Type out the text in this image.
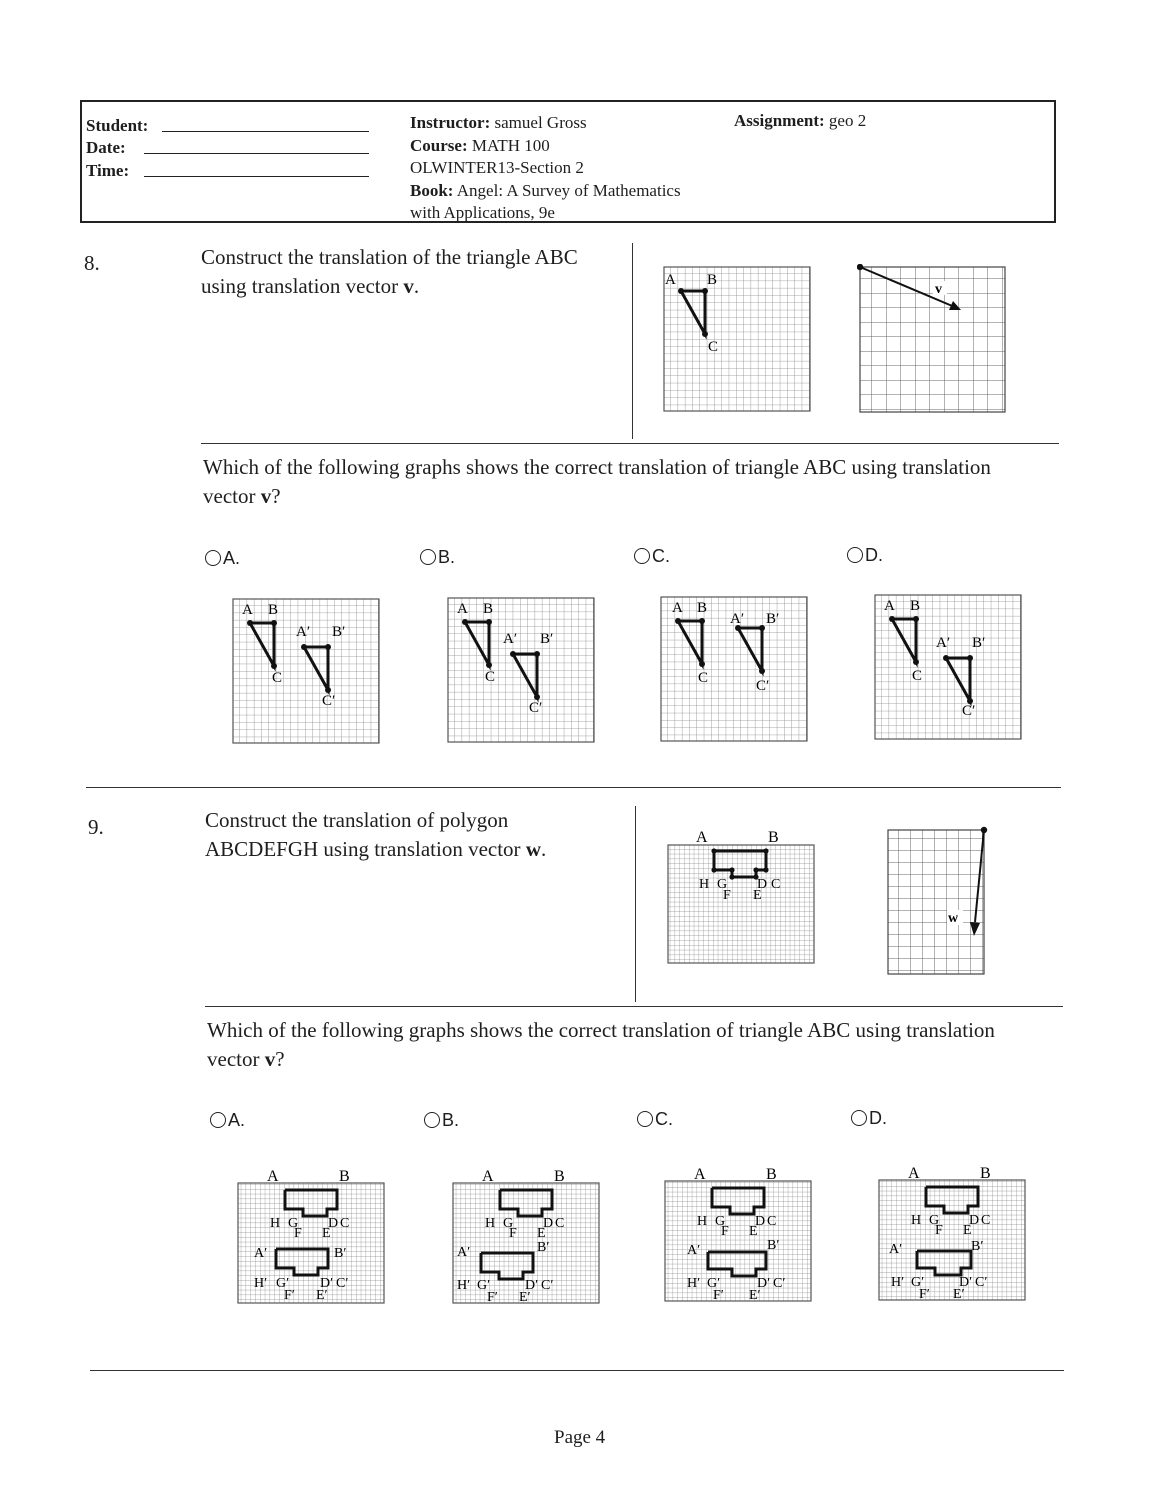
Student:
Date:
Time:
Instructor: samuel Gross
Course: MATH 100
OLWINTER13-Section 2
Book: Angel: A Survey of Mathematics
with Applications, 9e
Assignment: geo 2
8.	Construct the translation of the triangle ABC
using translation vector v.	A B
C
v
Which of the following graphs shows the correct translation of triangle ABC using translation
vector v?
A.	B.	C.	D.
A B
C
A′ B′
C′
A B
C
A′ B′
C′
A B
C
A′ B′
C′
A B
C
A′ B′
C′
9.	Construct the translation of polygon
ABCDEFGH using translation vector w.	A	B
H G
F E
D C
w
Which of the following graphs shows the correct translation of triangle ABC using translation
vector v?
A.	B.	C.	D.
A	B
H G
F E
D C
A′	B′
H′ G′
F′ E′
D′ C′
A	B
H G
F E
D C
A′	B′
H′ G′
F′ E′
D′ C′
A	B
H G
F E
D C
A′	B′
H′ G′
F′ E′
D′ C′
A	B
H G
F E
D C
A′	B′
H′ G′
F′ E′
D′ C′
Page 4
